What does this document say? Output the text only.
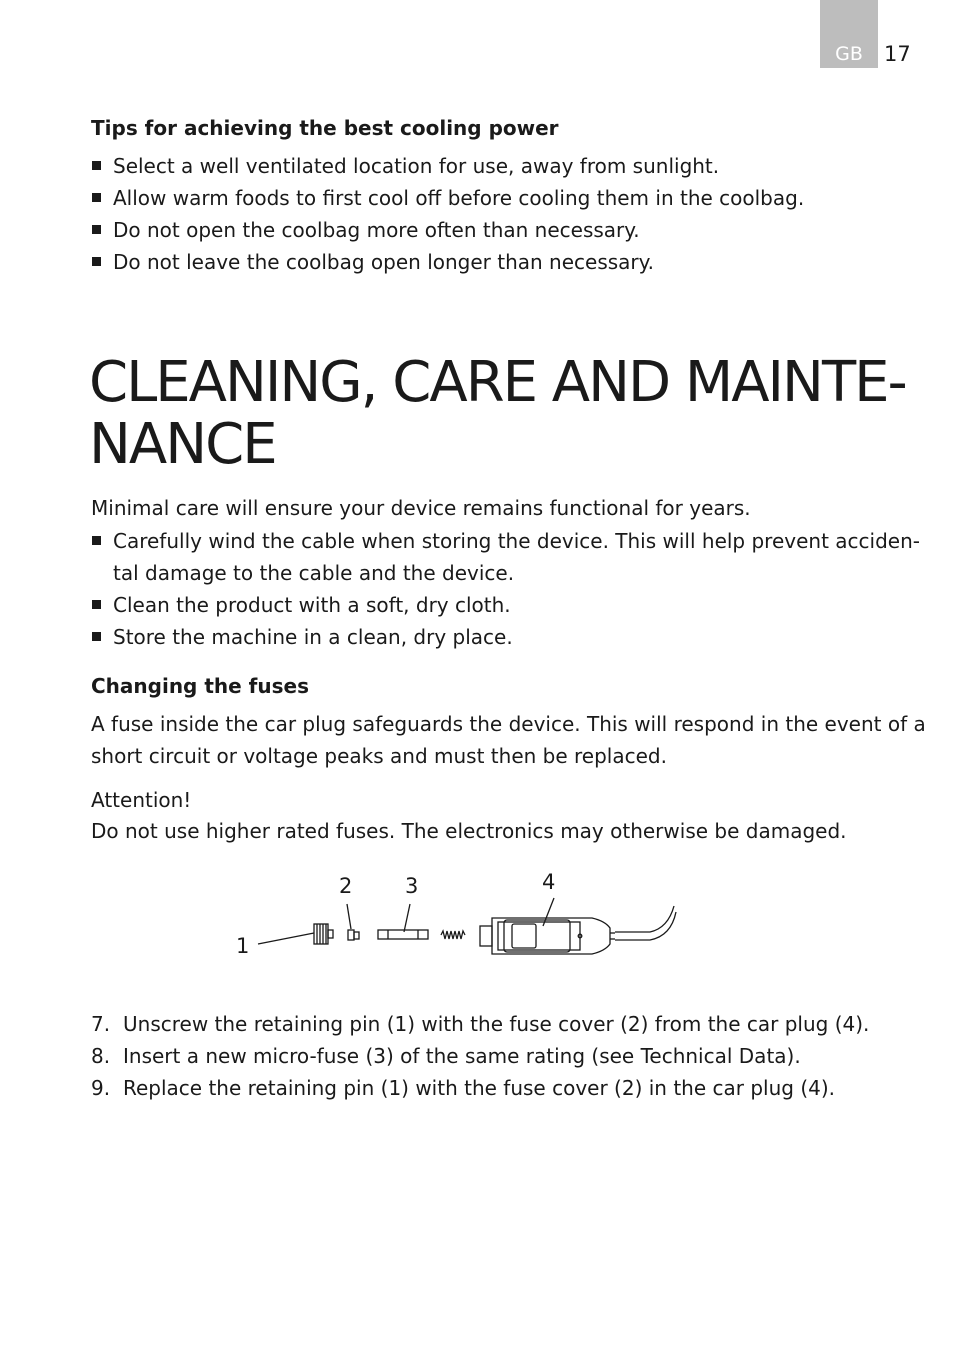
GB	17
Tips for achieving the best cooling power
Select a well ventilated location for use, away from sunlight.
Allow warm foods to first cool off before cooling them in the coolbag.
Do not open the coolbag more often than necessary.
Do not leave the coolbag open longer than necessary.
CLEANING, CARE AND MAINTE-
NANCE

Minimal care will ensure your device remains functional for years.

Carefully wind the cable when storing the device. This will help prevent acciden-
tal damage to the cable and the device.
Clean the product with a soft, dry cloth.
Store the machine in a clean, dry place.
Changing the fuses

A fuse inside the car plug safeguards the device. This will respond in the event of a
short circuit or voltage peaks and must then be replaced.

Attention!

Do not use higher rated fuses. The electronics may otherwise be damaged.

7. Unscrew the retaining pin (1) with the fuse cover (2) from the car plug (4).
8. Insert a new micro-fuse (3) of the same rating (see Technical Data).
9. Replace the retaining pin (1) with the fuse cover (2) in the car plug (4).
1
2	3	4
